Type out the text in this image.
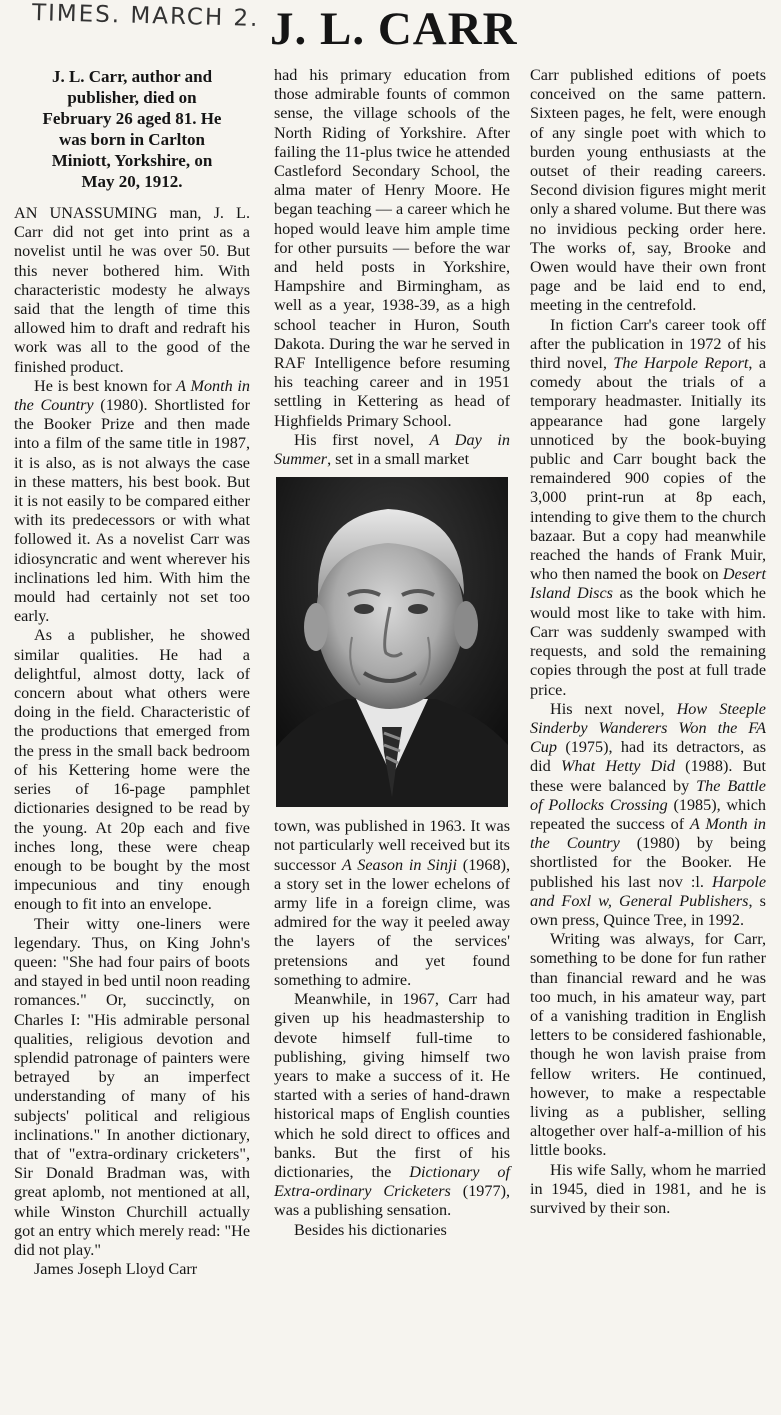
TIMES. MARCH 2. J. L. CARR
J. L. Carr, author and
publisher, died on
February 26 aged 81. He
was born in Carlton
Miniott, Yorkshire, on
May 20, 1912.

AN UNASSUMING man, J. L. Carr did not get into print as a novelist until he was over 50. But this never bothered him. With characteristic modesty he always said that the length of time this allowed him to draft and redraft his work was all to the good of the finished product.

He is best known for A Month in the Country (1980). Shortlisted for the Booker Prize and then made into a film of the same title in 1987, it is also, as is not always the case in these matters, his best book. But it is not easily to be compared either with its predecessors or with what followed it. As a novelist Carr was idiosyncratic and went wherever his inclinations led him. With him the mould had certainly not set too early.

As a publisher, he showed similar qualities. He had a delightful, almost dotty, lack of concern about what others were doing in the field. Characteristic of the productions that emerged from the press in the small back bedroom of his Kettering home were the series of 16-page pamphlet dictionaries designed to be read by the young. At 20p each and five inches long, these were cheap enough to be bought by the most impecunious and tiny enough enough to fit into an envelope.

Their witty one-liners were legendary. Thus, on King John's queen: "She had four pairs of boots and stayed in bed until noon reading romances." Or, succinctly, on Charles I: "His admirable personal qualities, religious devotion and splendid patronage of painters were betrayed by an imperfect understanding of many of his subjects' political and religious inclinations." In another dictionary, that of "extra-ordinary cricketers", Sir Donald Bradman was, with great aplomb, not mentioned at all, while Winston Churchill actually got an entry which merely read: "He did not play."

James Joseph Lloyd Carr

had his primary education from those admirable founts of common sense, the village schools of the North Riding of Yorkshire. After failing the 11-plus twice he attended Castleford Secondary School, the alma mater of Henry Moore. He began teaching — a career which he hoped would leave him ample time for other pursuits — before the war and held posts in Yorkshire, Hampshire and Birmingham, as well as a year, 1938-39, as a high school teacher in Huron, South Dakota. During the war he served in RAF Intelligence before resuming his teaching career and in 1951 settling in Kettering as head of Highfields Primary School.

His first novel, A Day in Summer, set in a small market

town, was published in 1963. It was not particularly well received but its successor A Season in Sinji (1968), a story set in the lower echelons of army life in a foreign clime, was admired for the way it peeled away the layers of the services' pretensions and yet found something to admire.

Meanwhile, in 1967, Carr had given up his headmastership to devote himself full-time to publishing, giving himself two years to make a success of it. He started with a series of hand-drawn historical maps of English counties which he sold direct to offices and banks. But the first of his dictionaries, the Dictionary of Extra-ordinary Cricketers (1977), was a publishing sensation.

Besides his dictionaries

Carr published editions of poets conceived on the same pattern. Sixteen pages, he felt, were enough of any single poet with which to burden young enthusiasts at the outset of their reading careers. Second division figures might merit only a shared volume. But there was no invidious pecking order here. The works of, say, Brooke and Owen would have their own front page and be laid end to end, meeting in the centrefold.

In fiction Carr's career took off after the publication in 1972 of his third novel, The Harpole Report, a comedy about the trials of a temporary headmaster. Initially its appearance had gone largely unnoticed by the book-buying public and Carr bought back the remaindered 900 copies of the 3,000 print-run at 8p each, intending to give them to the church bazaar. But a copy had meanwhile reached the hands of Frank Muir, who then named the book on Desert Island Discs as the book which he would most like to take with him. Carr was suddenly swamped with requests, and sold the remaining copies through the post at full trade price.

His next novel, How Steeple Sinderby Wanderers Won the FA Cup (1975), had its detractors, as did What Hetty Did (1988). But these were balanced by The Battle of Pollocks Crossing (1985), which repeated the success of A Month in the Country (1980) by being shortlisted for the Booker. He published his last nov :l. Harpole and Foxl w, General Publishers, s own press, Quince Tree, in 1992.

Writing was always, for Carr, something to be done for fun rather than financial reward and he was too much, in his amateur way, part of a vanishing tradition in English letters to be considered fashionable, though he won lavish praise from fellow writers. He continued, however, to make a respectable living as a publisher, selling altogether over half-a-million of his little books.

His wife Sally, whom he married in 1945, died in 1981, and he is survived by their son.
